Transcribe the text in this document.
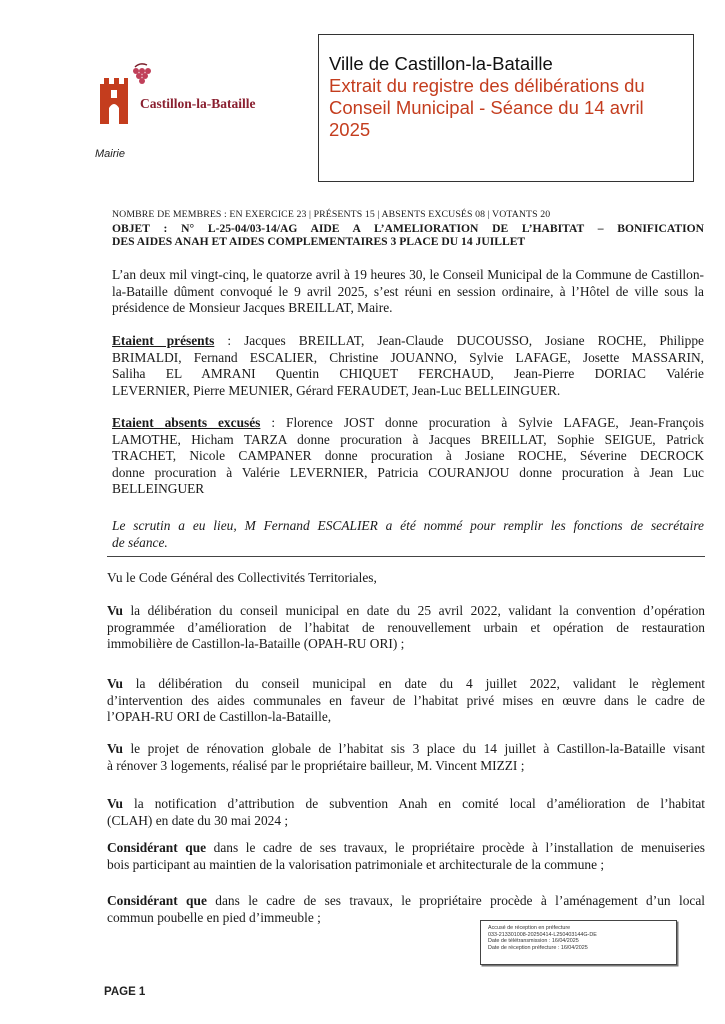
Castillon-la-Bataille
Mairie
Ville de Castillon-la-Bataille
Extrait du registre des délibérations du
Conseil Municipal - Séance du 14 avril
2025
NOMBRE DE MEMBRES : EN EXERCICE 23 | PRÉSENTS 15 | ABSENTS EXCUSÉS 08 | VOTANTS 20
OBJET : N° L-25-04/03-14/AG AIDE A L’AMELIORATION DE L’HABITAT – BONIFICATION
DES AIDES ANAH ET AIDES COMPLEMENTAIRES 3 PLACE DU 14 JUILLET
L’an deux mil vingt-cinq, le quatorze avril à 19 heures 30, le Conseil Municipal de la Commune de Castillon-
la-Bataille dûment convoqué le 9 avril 2025, s’est réuni en session ordinaire, à l’Hôtel de ville sous la
présidence de Monsieur Jacques BREILLAT, Maire.
Etaient présents : Jacques BREILLAT, Jean-Claude DUCOUSSO, Josiane ROCHE, Philippe
BRIMALDI, Fernand ESCALIER, Christine JOUANNO, Sylvie LAFAGE, Josette MASSARIN,
Saliha EL AMRANI Quentin CHIQUET FERCHAUD, Jean-Pierre DORIAC Valérie
LEVERNIER, Pierre MEUNIER, Gérard FERAUDET, Jean-Luc BELLEINGUER.
Etaient absents excusés : Florence JOST donne procuration à Sylvie LAFAGE, Jean-François
LAMOTHE, Hicham TARZA donne procuration à Jacques BREILLAT, Sophie SEIGUE, Patrick
TRACHET, Nicole CAMPANER donne procuration à Josiane ROCHE, Séverine DECROCK
donne procuration à Valérie LEVERNIER, Patricia COURANJOU donne procuration à Jean Luc
BELLEINGUER
Le scrutin a eu lieu, M Fernand ESCALIER a été nommé pour remplir les fonctions de secrétaire
de séance.
Vu le Code Général des Collectivités Territoriales,
Vu la délibération du conseil municipal en date du 25 avril 2022, validant la convention d’opération
programmée d’amélioration de l’habitat de renouvellement urbain et opération de restauration
immobilière de Castillon-la-Bataille (OPAH-RU ORI) ;
Vu la délibération du conseil municipal en date du 4 juillet 2022, validant le règlement
d’intervention des aides communales en faveur de l’habitat privé mises en œuvre dans le cadre de
l’OPAH-RU ORI de Castillon-la-Bataille,
Vu le projet de rénovation globale de l’habitat sis 3 place du 14 juillet à Castillon-la-Bataille visant
à rénover 3 logements, réalisé par le propriétaire bailleur, M. Vincent MIZZI ;
Vu la notification d’attribution de subvention Anah en comité local d’amélioration de l’habitat
(CLAH) en date du 30 mai 2024 ;
Considérant que dans le cadre de ses travaux, le propriétaire procède à l’installation de menuiseries
bois participant au maintien de la valorisation patrimoniale et architecturale de la commune ;
Considérant que dans le cadre de ses travaux, le propriétaire procède à l’aménagement d’un local
commun poubelle en pied d’immeuble ;
Accusé de réception en préfecture
033-213301008-20250414-L250403144G-DE
Date de télétransmission : 16/04/2025
Date de réception préfecture : 16/04/2025
PAGE 1
